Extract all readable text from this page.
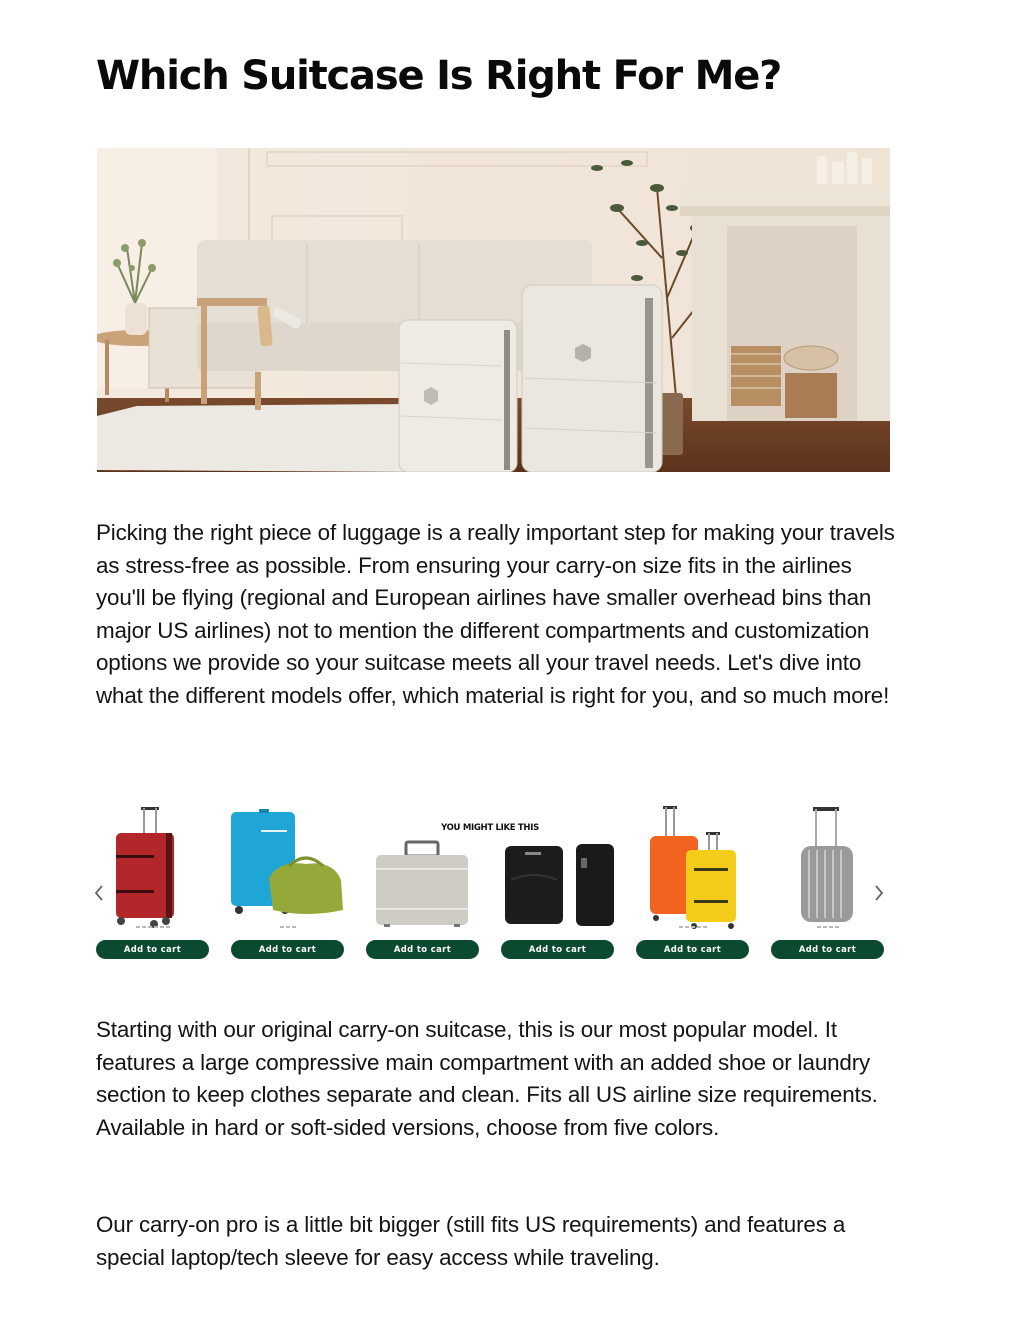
Which Suitcase Is Right For Me?

Picking the right piece of luggage is a really important step for making your travels as stress-free as possible. From ensuring your carry-on size fits in the airlines you'll be flying (regional and European airlines have smaller overhead bins than major US airlines) not to mention the different compartments and customization options we provide so your suitcase meets all your travel needs. Let's dive into what the different models offer, which material is right for you, and so much more!

YOU MIGHT LIKE THIS
Add to cart	Add to cart	Add to cart	Add to cart	Add to cart	Add to cart

Starting with our original carry-on suitcase, this is our most popular model. It features a large compressive main compartment with an added shoe or laundry section to keep clothes separate and clean. Fits all US airline size requirements. Available in hard or soft-sided versions, choose from five colors.

Our carry-on pro is a little bit bigger (still fits US requirements) and features a special laptop/tech sleeve for easy access while traveling.
